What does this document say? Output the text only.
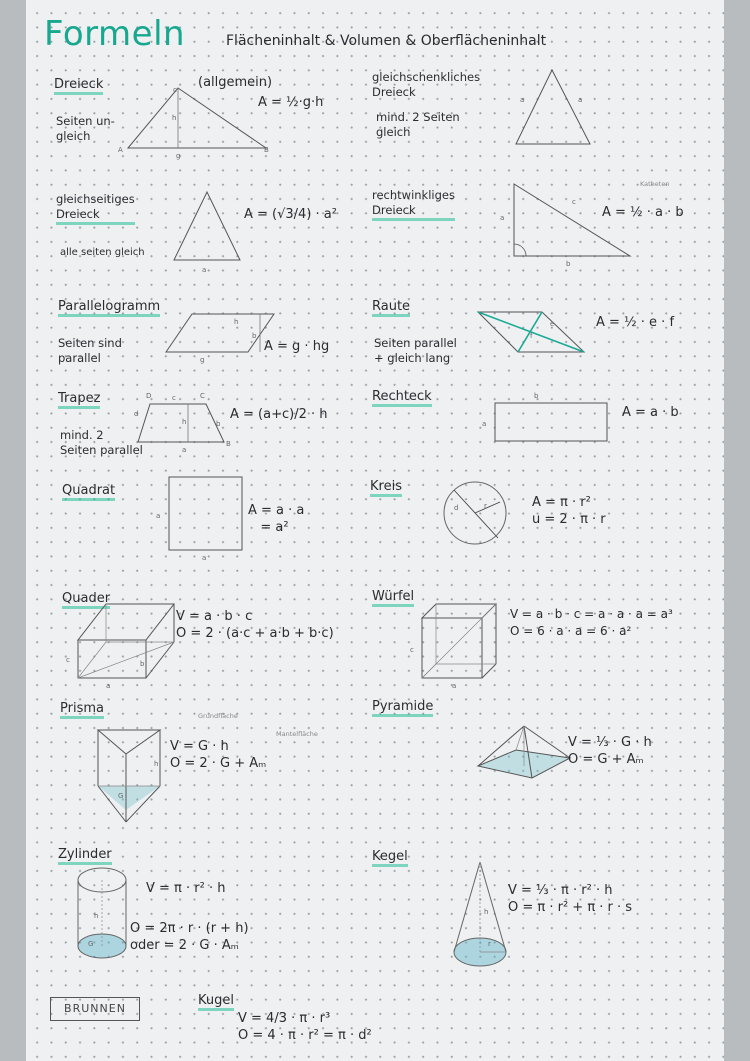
Formeln	Flächeninhalt & Volumen & Oberflächeninhalt
Dreieck
Seiten un-
gleich
(allgemein)
A = ½·g·h
c
h
g
B
A
gleichschenkliches
Dreieck
mind. 2 Seiten
gleich
a	a
gleichseitiges
Dreieck
alle seiten gleich
a
A = (√3/4) · a²
rechtwinkliges
Dreieck
Katheten
c
a
b
A = ½ · a · b
Parallelogramm
Seiten sind
parallel
h
g
b
A = g · hg
Raute
Seiten parallel
+ gleich lang
e
f
A = ½ · e · f
Trapez
mind. 2
Seiten parallel
D	c	C
d
h	b
a
B
A = (a+c)/2 · h
Rechteck	b
a
A = a · b
Quadrat
a
a
A = a · a
= a²
Kreis
d	r	A = π · r²
u = 2 · π · r
Quader
c
a
b
V = a · b · c
O = 2 · (a·c + a·b + b·c)
Würfel
c
a
V = a · b · c = a · a · a = a³
O = 6 · a · a = 6 · a²
Prisma	Grundfläche
Mantelfläche
h
G
V = G · h
O = 2 · G + Aₘ
Pyramide
V = ⅓ · G · h
O = G + Aₘ
Zylinder
h
G
V = π · r² · h
O = 2π · r · (r + h)
oder = 2 · G · Aₘ
Kegel
h
r
V = ⅓ · π · r² · h
O = π · r² + π · r · s
Kugel
V = 4/3 · π · r³
O = 4 · π · r² = π · d²
BRUNNEN
